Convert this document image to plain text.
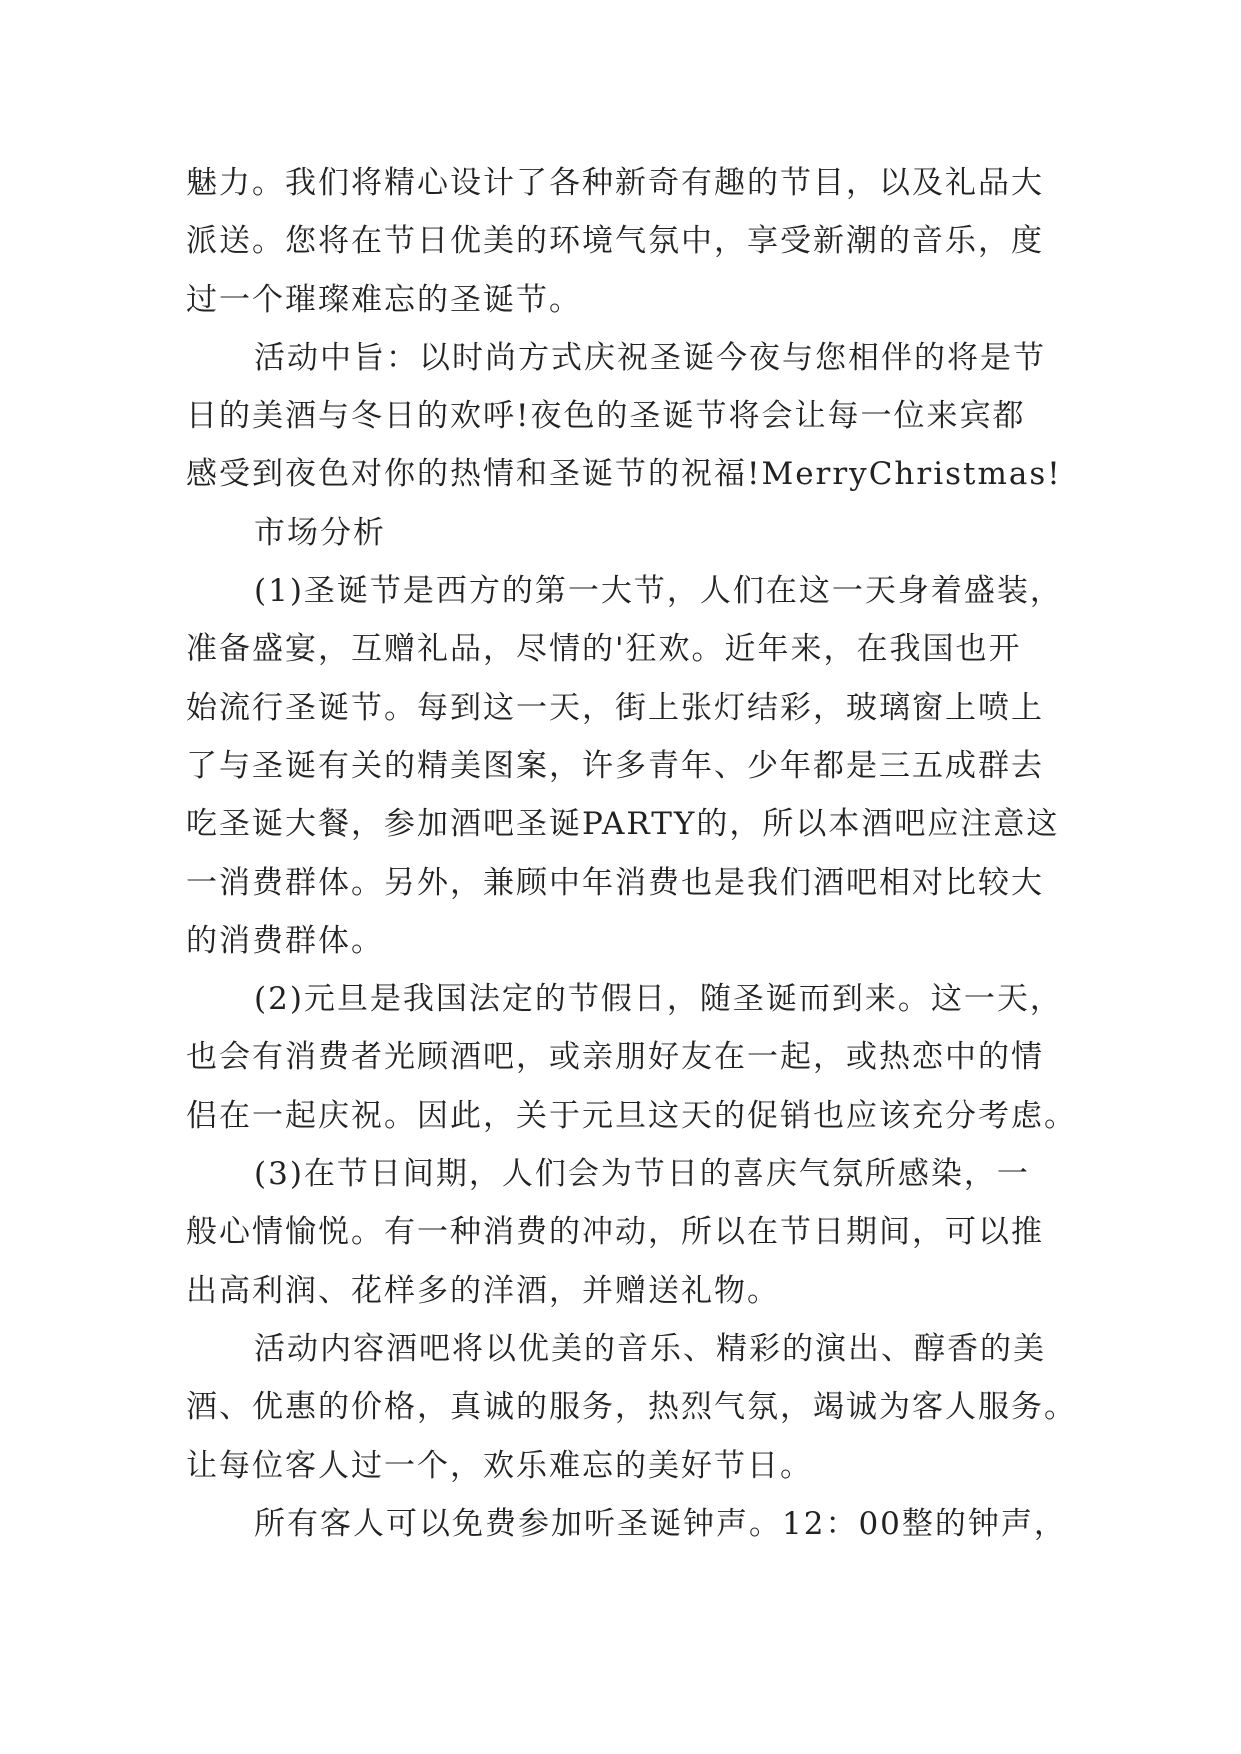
魅力。我们将精心设计了各种新奇有趣的节目，以及礼品大
派送。您将在节日优美的环境气氛中，享受新潮的音乐，度
过一个璀璨难忘的圣诞节。
活动中旨：以时尚方式庆祝圣诞今夜与您相伴的将是节
日的美酒与冬日的欢呼!夜色的圣诞节将会让每一位来宾都
感受到夜色对你的热情和圣诞节的祝福!MerryChristmas!
市场分析
(1)圣诞节是西方的第一大节，人们在这一天身着盛装，
准备盛宴，互赠礼品，尽情的'狂欢。近年来，在我国也开
始流行圣诞节。每到这一天，街上张灯结彩，玻璃窗上喷上
了与圣诞有关的精美图案，许多青年、少年都是三五成群去
吃圣诞大餐，参加酒吧圣诞PARTY的，所以本酒吧应注意这
一消费群体。另外，兼顾中年消费也是我们酒吧相对比较大
的消费群体。
(2)元旦是我国法定的节假日，随圣诞而到来。这一天，
也会有消费者光顾酒吧，或亲朋好友在一起，或热恋中的情
侣在一起庆祝。因此，关于元旦这天的促销也应该充分考虑。
(3)在节日间期，人们会为节日的喜庆气氛所感染，一
般心情愉悦。有一种消费的冲动，所以在节日期间，可以推
出高利润、花样多的洋酒，并赠送礼物。
活动内容酒吧将以优美的音乐、精彩的演出、醇香的美
酒、优惠的价格，真诚的服务，热烈气氛，竭诚为客人服务。
让每位客人过一个，欢乐难忘的美好节日。
所有客人可以免费参加听圣诞钟声。12：00整的钟声，
